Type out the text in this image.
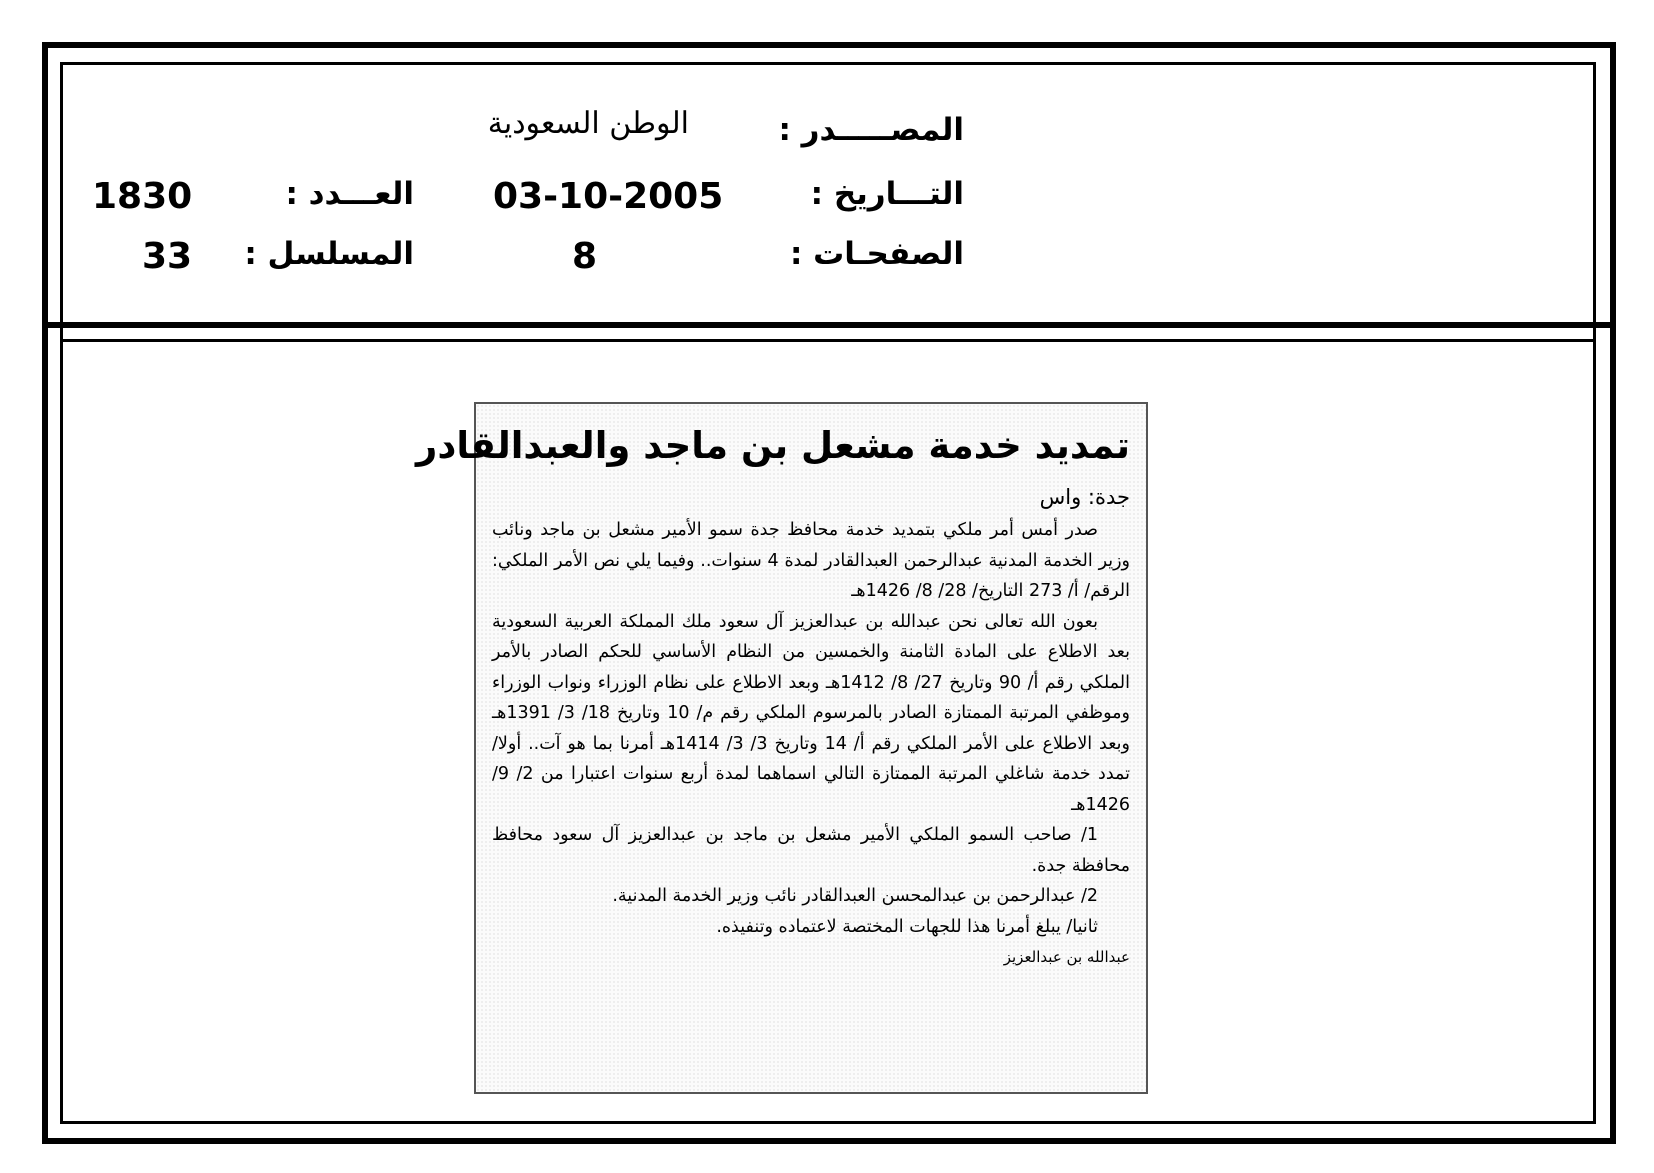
المصـــــدر :
الوطن السعودية
التـــاريخ :
03-10-2005
العـــدد :
1830
الصفحـات :
8
المسلسل :
33
تمديد خدمة مشعل بن ماجد والعبدالقادر
جدة: واس

صدر أمس أمر ملكي بتمديد خدمة محافظ جدة سمو الأمير مشعل بن ماجد ونائب وزير الخدمة المدنية عبدالرحمن العبدالقادر لمدة 4 سنوات.. وفيما يلي نص الأمر الملكي: الرقم/ أ/ 273 التاريخ/ 28/ 8/ 1426هـ

بعون الله تعالى نحن عبدالله بن عبدالعزيز آل سعود ملك المملكة العربية السعودية بعد الاطلاع على المادة الثامنة والخمسين من النظام الأساسي للحكم الصادر بالأمر الملكي رقم أ/ 90 وتاريخ 27/ 8/ 1412هـ وبعد الاطلاع على نظام الوزراء ونواب الوزراء وموظفي المرتبة الممتازة الصادر بالمرسوم الملكي رقم م/ 10 وتاريخ 18/ 3/ 1391هـ وبعد الاطلاع على الأمر الملكي رقم أ/ 14 وتاريخ 3/ 3/ 1414هـ أمرنا بما هو آت.. أولا/ تمدد خدمة شاغلي المرتبة الممتازة التالي اسماهما لمدة أربع سنوات اعتبارا من 2/ 9/ 1426هـ

1/ صاحب السمو الملكي الأمير مشعل بن ماجد بن عبدالعزيز آل سعود محافظ محافظة جدة.

2/ عبدالرحمن بن عبدالمحسن العبدالقادر نائب وزير الخدمة المدنية.

ثانيا/ يبلغ أمرنا هذا للجهات المختصة لاعتماده وتنفيذه.

عبدالله بن عبدالعزيز
